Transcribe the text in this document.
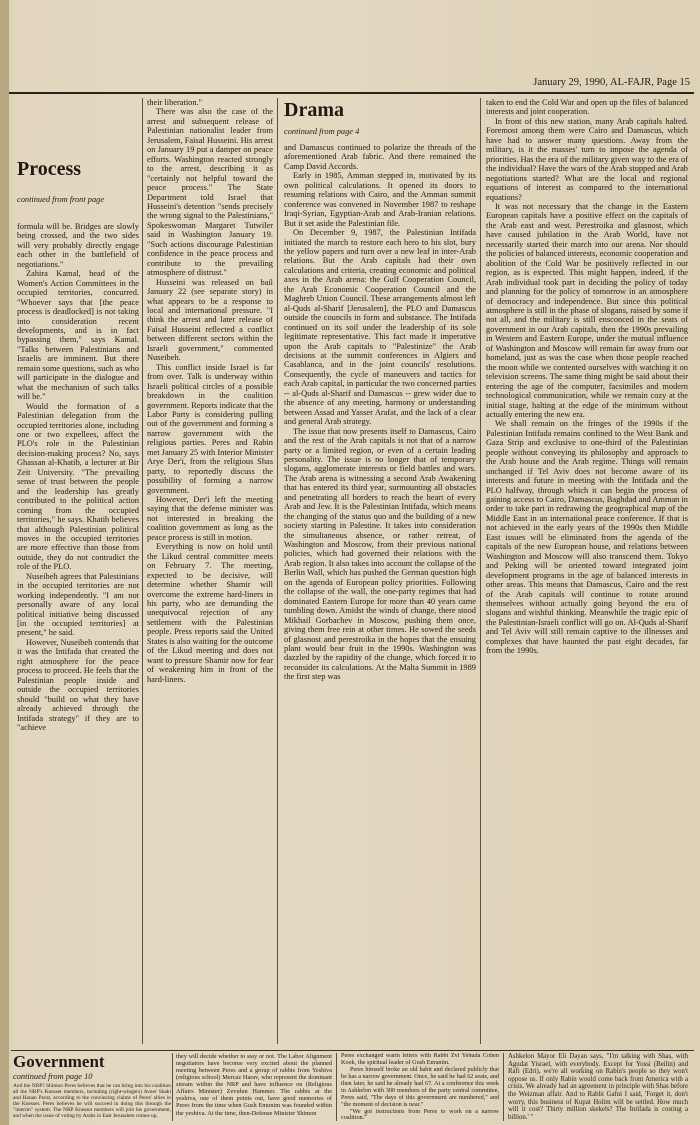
January 29, 1990, AL-FAJR, Page 15
Process
continued from front page

formula will be. Bridges are slowly being crossed, and the two sides will very probably directly engage each other in the battlefield of negotiations."

Zahira Kamal, head of the Women's Action Committees in the occupied territories, concurred. "Whoever says that [the peace process is deadlocked] is not taking into consideration recent developments, and is in fact bypassing them," says Kamal. "Talks between Palestinians and Israelis are imminent. But there remain some questions, such as who will participate in the dialogue and what the mechanism of such talks will be."

Would the formation of a Palestinian delegation from the occupied territories alone, including one or two expellees, affect the PLO's role in the Palestinian decision-making process? No, says Ghassan al-Khatib, a lecturer at Bir Zeit University. "The prevailing sense of trust between the people and the leadership has greatly contributed to the political action coming from the occupied territories," he says. Khatib believes that although Palestinian political moves in the occupied territories are more effective than those from outside, they do not contradict the role of the PLO.

Nuseibeh agrees that Palestinians in the occupied territories are not working independently. "I am not personally aware of any local political initiative being discussed [in the occupied territories] at present," he said.

However, Nuseibeh contends that it was the Intifada that created the right atmosphere for the peace process to proceed. He feels that the Palestinian people inside and outside the occupied territories should "build on what they have already achieved through the Intifada strategy" if they are to "achieve

their liberation."

There was also the case of the arrest and subsequent release of Palestinian nationalist leader from Jerusalem, Faisal Husseini. His arrest on January 19 put a damper on peace efforts. Washington reacted strongly to the arrest, describing it as "certainly not helpful toward the peace process." The State Department told Israel that Husseini's detention "sends precisely the wrong signal to the Palestinians," Spokeswoman Margaret Tutwiler said in Washington January 19. "Such actions discourage Palestinian confidence in the peace process and contribute to the prevailing atmosphere of distrust."

Husseini was released on bail January 22 (see separate story) in what appears to be a response to local and international pressure. "I think the arrest and later release of Faisal Husseini reflected a conflict between different sectors within the Israeli government," commented Nuseibeh.

This conflict inside Israel is far from over. Talk is underway within Israeli political circles of a possible breakdown in the coalition government. Reports indicate that the Labor Party is considering pulling out of the government and forming a narrow government with the religious parties. Peres and Rabin met January 25 with Interior Minister Arye Der'i, from the religious Shas party, to reportedly discuss the possibility of forming a narrow government.

However, Der'i left the meeting saying that the defense minister was not interested in breaking the coalition government as long as the peace process is still in motion.

Everything is now on hold until the Likud central committee meets on February 7. The meeting, expected to be decisive, will determine whether Shamir will overcome the extreme hard-liners in his party, who are demanding the unequivocal rejection of any settlement with the Palestinian people. Press reports said the United States is also waiting for the outcome of the Likud meeting and does not want to pressure Shamir now for fear of weakening him in front of the hard-liners.

Drama
continued from page 4

and Damascus continued to polarize the threads of the aforementioned Arab fabric. And there remained the Camp David Accords.

Early in 1985, Amman stepped in, motivated by its own political calculations. It opened its doors to resuming relations with Cairo, and the Amman summit conference was convened in November 1987 to reshape Iraqi-Syrian, Egyptian-Arab and Arab-Iranian relations. But it set aside the Palestinian file.

On December 9, 1987, the Palestinian Intifada initiated the march to restore each hero to his slot, bury the yellow papers and turn over a new leaf in inter-Arab relations. But the Arab capitals had their own calculations and criteria, creating economic and political axes in the Arab arena: the Gulf Cooperation Council, the Arab Economic Cooperation Council and the Maghreb Union Council. These arrangements almost left al-Quds al-Sharif [Jerusalem], the PLO and Damascus outside the councils in form and substance. The Intifada continued on its soil under the leadership of its sole legitimate representative. This fact made it imperative upon the Arab capitals to "Palestinize" the Arab decisions at the summit conferences in Algiers and Casablanca, and in the joint councils' resolutions. Consequently, the cycle of maneuvers and tactics for each Arab capital, in particular the two concerned parties -- al-Quds al-Sharif and Damascus -- grew wider due to the absence of any meeting, harmony or understanding between Assad and Yasser Arafat, and the lack of a clear and general Arab strategy.

The issue that now presents itself to Damascus, Cairo and the rest of the Arab capitals is not that of a narrow party or a limited region, or even of a certain leading personality. The issue is no longer that of temporary slogans, agglomerate interests or field battles and wars. The Arab arena is witnessing a second Arab Awakening that has entered its third year, surmounting all obstacles and penetrating all borders to reach the heart of every Arab and Jew. It is the Palestinian Intifada, which means the changing of the status quo and the building of a new society starting in Palestine. It takes into consideration the simultaneous absence, or rather retreat, of Washington and Moscow, from their previous national policies, which had governed their relations with the Arab region. It also takes into account the collapse of the Berlin Wall, which has pushed the German question high on the agenda of European policy priorities. Following the collapse of the wall, the one-party regimes that had dominated Eastern Europe for more than 40 years came tumbling down. Amidst the winds of change, there stood Mikhail Gorbachev in Moscow, pushing them once, giving them free rein at other times. He sowed the seeds of glasnost and perestroika in the hopes that the ensuing plant would bear fruit in the 1990s. Washington was dazzled by the rapidity of the change, which forced it to reconsider its calculations. At the Malta Summit in 1989 the first step was

taken to end the Cold War and open up the files of balanced interests and joint cooperation.

In front of this new station, many Arab capitals halted. Foremost among them were Cairo and Damascus, which have had to answer many questions. Away from the military, is it the masses' turn to impose the agenda of priorities. Has the era of the military given way to the era of the individual? Have the wars of the Arab stopped and Arab negotiations started? What are the local and regional equations of interest as compared to the international equations?

It was not necessary that the change in the Eastern European capitals have a positive effect on the capitals of the Arab east and west. Perestroika and glasnost, which have caused jubilation in the Arab World, have not necessarily started their march into our arena. Nor should the policies of balanced interests, economic cooperation and abolition of the Cold War be positively reflected in our region, as is expected. This might happen, indeed, if the Arab individual took part in deciding the policy of today and planning for the policy of tomorrow in an atmosphere of democracy and independence. But since this political atmosphere is still in the phase of slogans, raised by some if not all, and the military is still ensconced in the seats of government in our Arab capitals, then the 1990s prevailing in Western and Eastern Europe, under the mutual influence of Washington and Moscow will remain far away from our homeland, just as was the case when those people reached the moon while we contented ourselves with watching it on television screens. The same thing might be said about their entering the age of the computer, facsimiles and modern technological communication, while we remain cozy at the initial stage, halting at the edge of the minimum without actually entering the new era.

We shall remain on the fringes of the 1990s if the Palestinian Intifada remains confined to the West Bank and Gaza Strip and exclusive to one-third of the Palestinian people without conveying its philosophy and approach to the Arab house and the Arab regime. Things will remain unchanged if Tel Aviv does not become aware of its interests and future in meeting with the Intifada and the PLO halfway, through which it can begin the process of gaining access to Cairo, Damascus, Baghdad and Amman in order to take part in redrawing the geographical map of the Middle East in an international peace conference. If that is not achieved in the early years of the 1990s then Middle East issues will be eliminated from the agenda of the capitals of the new European house, and relations between Washington and Moscow will also transcend them. Tokyo and Peking will be oriented toward integrated joint development programs in the age of balanced interests in other areas. This means that Damascus, Cairo and the rest of the Arab capitals will continue to rotate around themselves without actually going beyond the era of slogans and wishful thinking. Meanwhile the tragic epic of the Palestinian-Israeli conflict will go on. Al-Quds al-Sharif and Tel Aviv will still remain captive to the illnesses and complexes that have haunted the past eight decades, far from the 1990s.

Government
continued from page 10

And the NRP? Shimon Peres believes that he can bring into his coalition all the NRP's Knesset members, including (right-wingers) Avner Shaki and Hanan Porat, according to the convincing claims of Peres' allies in the Knesset. Peres believes he will succeed in doing this through the "interim" system: The NRP Knesset members will join his government, and when the issue of voting by Arabs in East Jerusalem comes up,

they will decide whether to stay or not. The Labor Alignment negotiators have become very excited about the planned meeting between Peres and a group of rabbis from Yeshiva (religious school) Mercaz Harav, who represent the dominant stream within the NRP and have influence on (Religious Affairs Minister) Zevulun Hammer. The rabbis at the yeshiva, one of them points out, have good memories of Peres from the time when Gush Emunim was founded within the yeshiva. At the time, then-Defense Minister Shimon

Peres exchanged warm letters with Rabbi Zvi Yehuda Cohen Kook, the spiritual leader of Gush Emunim.

Peres himself broke an old habit and declared publicly that he has a narrow government. Once, he said he had 62 seats, and then later, he said he already had 67. At a conference this week in Ashkelon with 300 members of the party central committee, Peres said, "The days of this government are numbered," and "the moment of decision is near."

"We got instructions from Peres to work on a narrow coalition."

Ashkelon Mayor Eli Dayan says, "I'm talking with Shas, with Agudat Yisrael, with everybody. Except for Yossi (Beilin) and Rafi (Edri), we're all working on Rabin's people so they won't oppose us. If only Rabin would come back from America with a crisis. We already had an agreement in principle with Shas before the Weizman affair. And to Rabbi Gafni I said, 'Forget it, don't worry, this business of Kupat Holim will be settled. How much will it cost? Thirty million skekels? The Intifada is costing a billion.' "
